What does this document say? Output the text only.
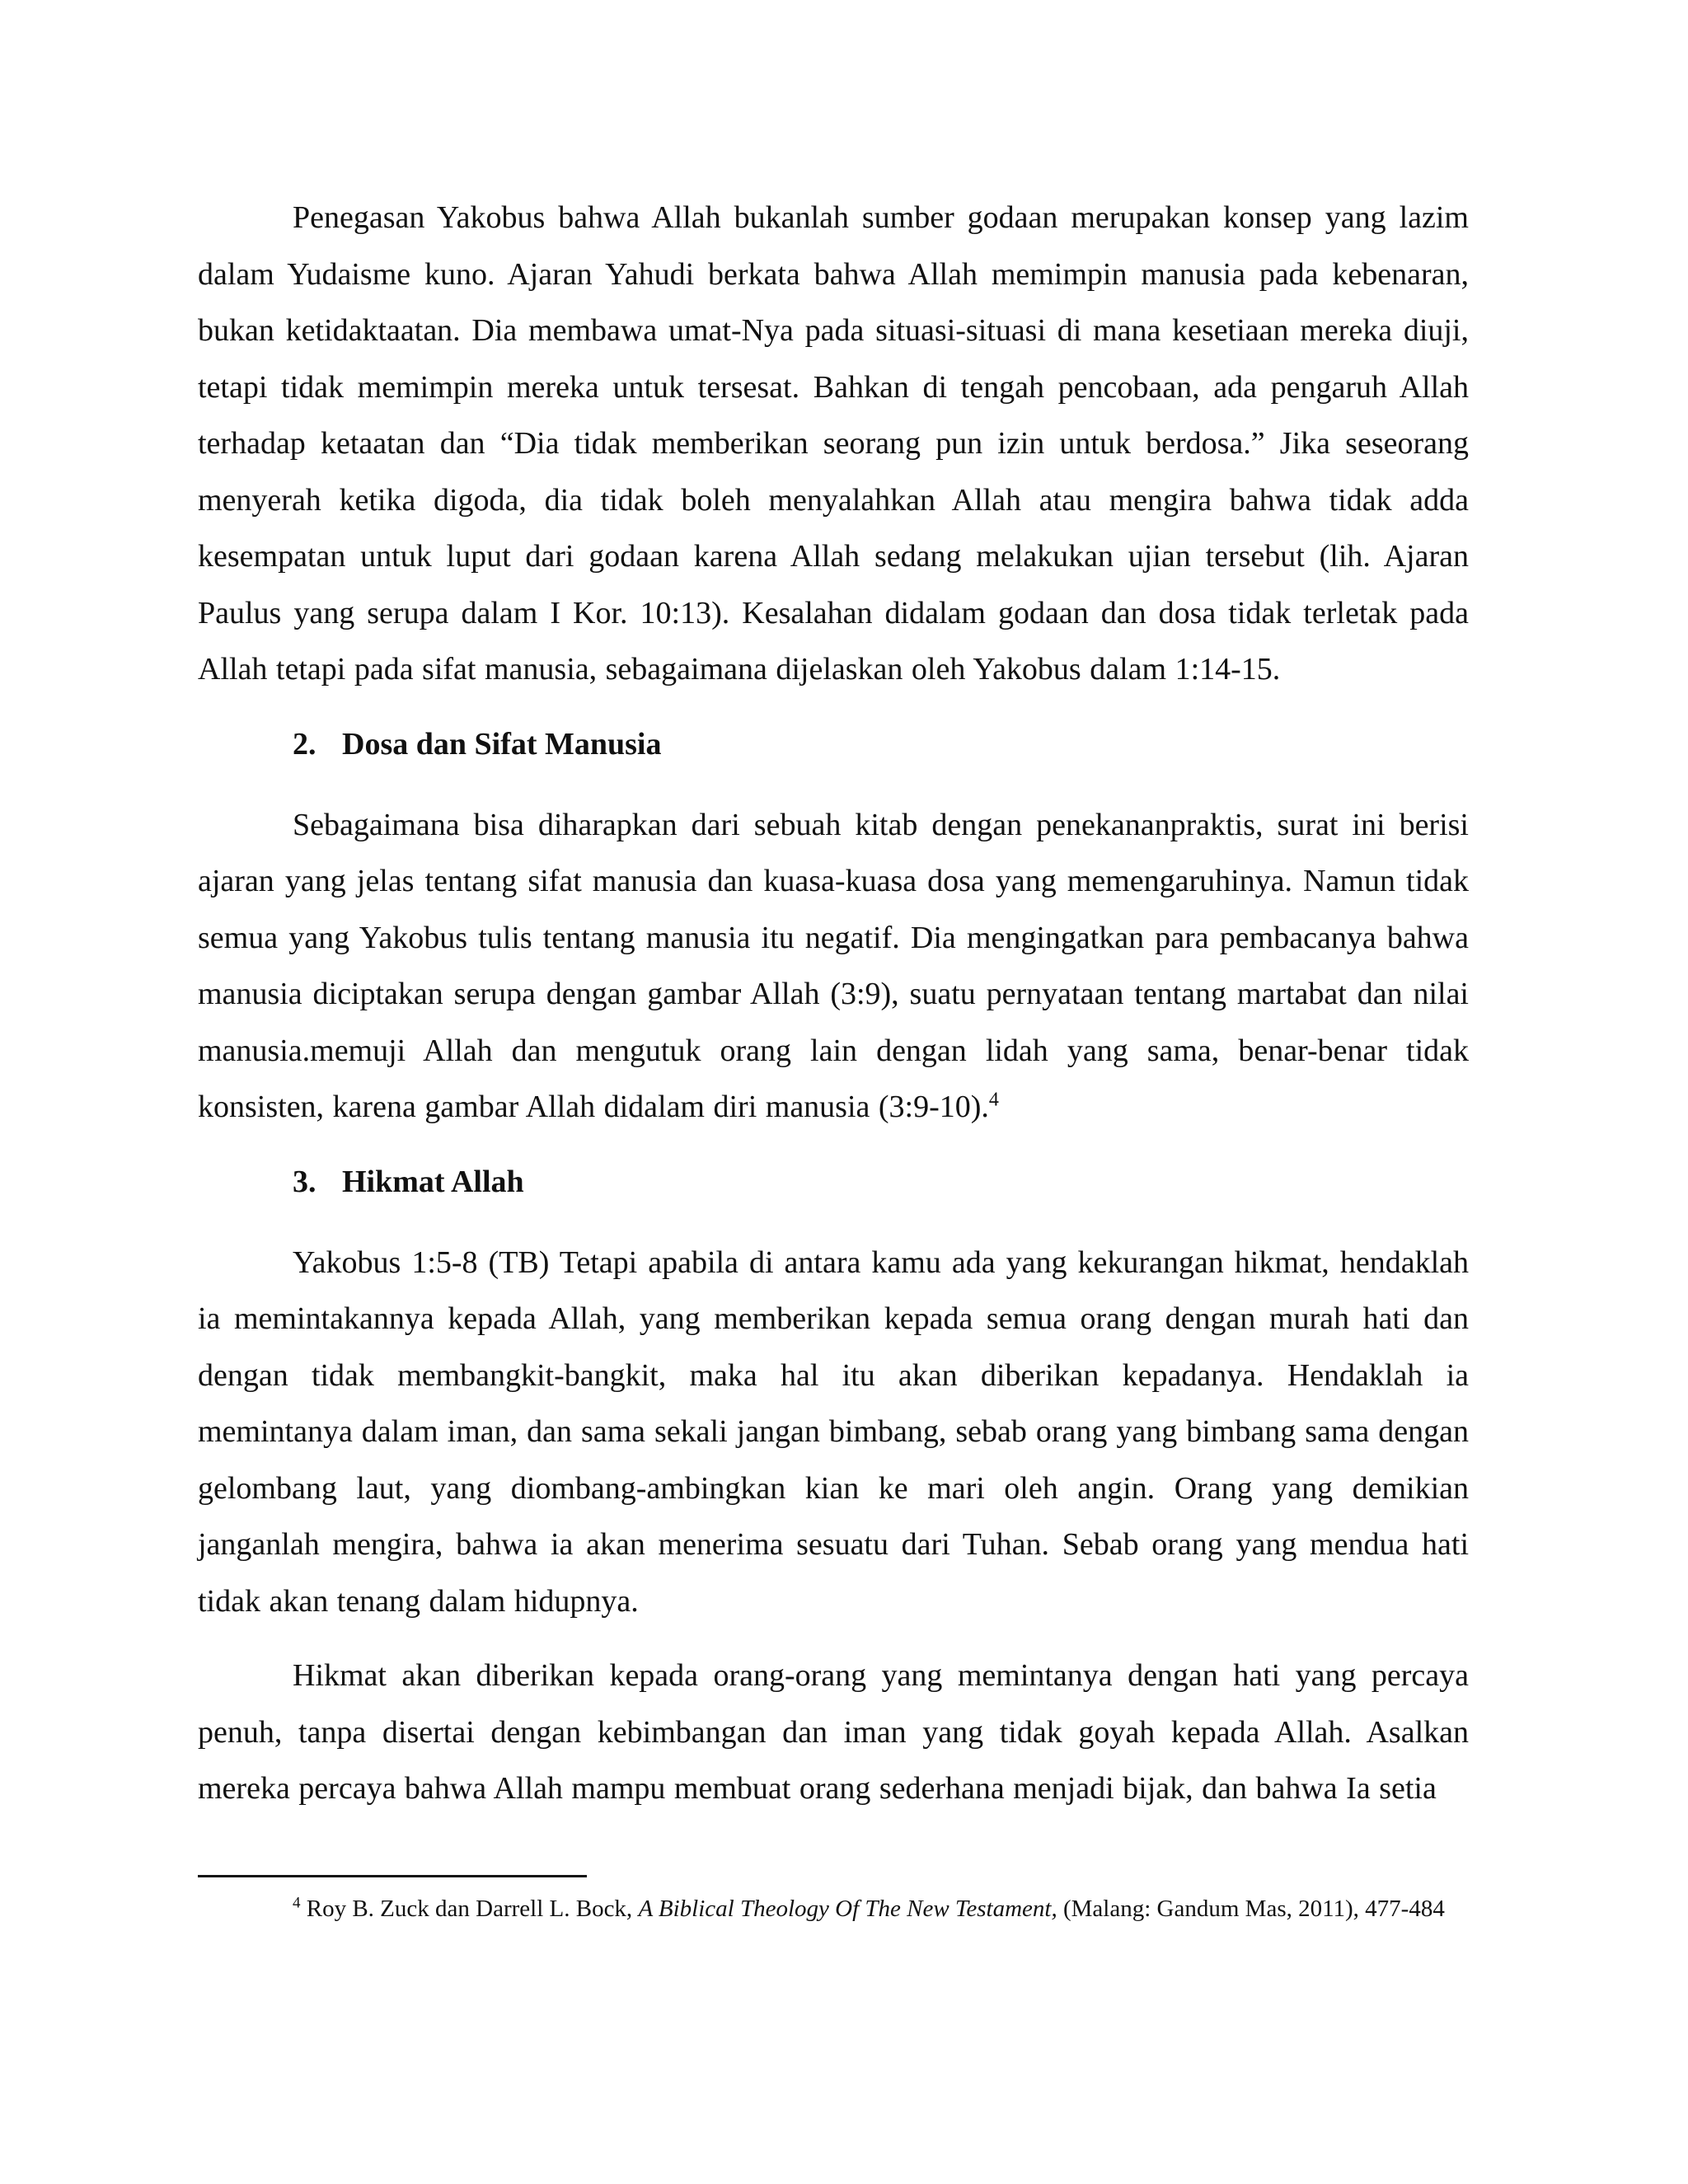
Penegasan Yakobus bahwa Allah bukanlah sumber godaan merupakan konsep yang lazim dalam Yudaisme kuno. Ajaran Yahudi berkata bahwa Allah memimpin manusia pada kebenaran, bukan ketidaktaatan. Dia membawa umat-Nya pada situasi-situasi di mana kesetiaan mereka diuji, tetapi tidak memimpin mereka untuk tersesat. Bahkan di tengah pencobaan, ada pengaruh Allah terhadap ketaatan dan “Dia tidak memberikan seorang pun izin untuk berdosa.” Jika seseorang menyerah ketika digoda, dia tidak boleh menyalahkan Allah atau mengira bahwa tidak adda kesempatan untuk luput dari godaan karena Allah sedang melakukan ujian tersebut (lih. Ajaran Paulus yang serupa dalam I Kor. 10:13). Kesalahan didalam godaan dan dosa tidak terletak pada Allah tetapi pada sifat manusia, sebagaimana dijelaskan oleh Yakobus dalam 1:14-15.

2. Dosa dan Sifat Manusia

Sebagaimana bisa diharapkan dari sebuah kitab dengan penekananpraktis, surat ini berisi ajaran yang jelas tentang sifat manusia dan kuasa-kuasa dosa yang memengaruhinya. Namun tidak semua yang Yakobus tulis tentang manusia itu negatif. Dia mengingatkan para pembacanya bahwa manusia diciptakan serupa dengan gambar Allah (3:9), suatu pernyataan tentang martabat dan nilai manusia.memuji Allah dan mengutuk orang lain dengan lidah yang sama, benar-benar tidak konsisten, karena gambar Allah didalam diri manusia (3:9-10).$^4$

3. Hikmat Allah

Yakobus 1:5-8 (TB) Tetapi apabila di antara kamu ada yang kekurangan hikmat, hendaklah ia memintakannya kepada Allah, yang memberikan kepada semua orang dengan murah hati dan dengan tidak membangkit-bangkit, maka hal itu akan diberikan kepadanya. Hendaklah ia memintanya dalam iman, dan sama sekali jangan bimbang, sebab orang yang bimbang sama dengan gelombang laut, yang diombang-ambingkan kian ke mari oleh angin. Orang yang demikian janganlah mengira, bahwa ia akan menerima sesuatu dari Tuhan. Sebab orang yang mendua hati tidak akan tenang dalam hidupnya.

Hikmat akan diberikan kepada orang-orang yang memintanya dengan hati yang percaya penuh, tanpa disertai dengan kebimbangan dan iman yang tidak goyah kepada Allah. Asalkan mereka percaya bahwa Allah mampu membuat orang sederhana menjadi bijak, dan bahwa Ia setia

$^4$ Roy B. Zuck dan Darrell L. Bock, A Biblical Theology Of The New Testament, (Malang: Gandum Mas, 2011), 477-484
